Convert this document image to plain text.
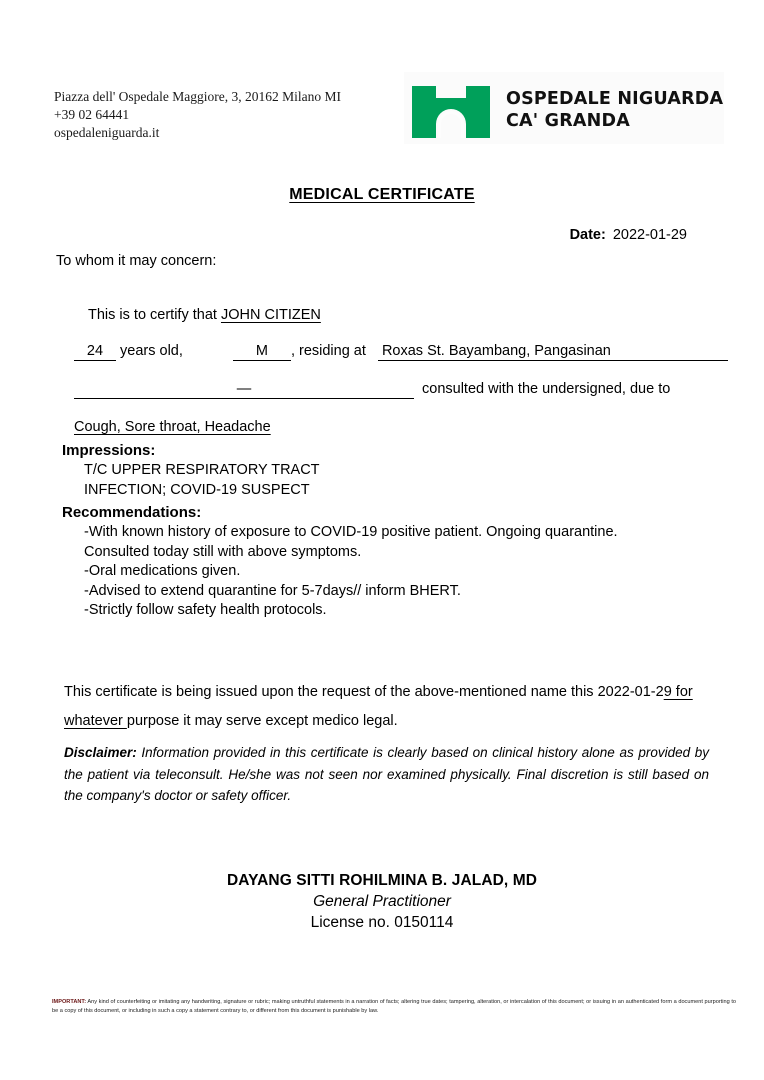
Piazza dell' Ospedale Maggiore, 3, 20162 Milano MI
+39 02 64441
ospedaleniguarda.it
OSPEDALE NIGUARDA
CA' GRANDA
MEDICAL CERTIFICATE
Date: 2022-01-29

To whom it may concern:

This is to certify that JOHN CITIZEN

24 years old,	M , residing at Roxas St. Bayambang, Pangasinan

—	consulted with the undersigned, due to

Cough, Sore throat, Headache

Impressions:

T/C UPPER RESPIRATORY TRACT
INFECTION; COVID-19 SUSPECT

Recommendations:

-With known history of exposure to COVID-19 positive patient. Ongoing quarantine.
Consulted today still with above symptoms.
-Oral medications given.
-Advised to extend quarantine for 5-7days// inform BHERT.
-Strictly follow safety health protocols.
This certificate is being issued upon the request of the above-mentioned name this 2022-01-29 for whatever purpose it may serve except medico legal.
Disclaimer: Information provided in this certificate is clearly based on clinical history alone as provided by the patient via teleconsult. He/she was not seen nor examined physically. Final discretion is still based on the company's doctor or safety officer.
DAYANG SITTI ROHILMINA B. JALAD, MD
General Practitioner
License no. 0150114
IMPORTANT: Any kind of counterfeiting or imitating any handwriting, signature or rubric; making untruthful statements in a narration of facts; altering true dates; tampering, alteration, or intercalation of this document; or issuing in an authenticated form a document purporting to be a copy of this document, or including in such a copy a statement contrary to, or different from this document is punishable by law.
